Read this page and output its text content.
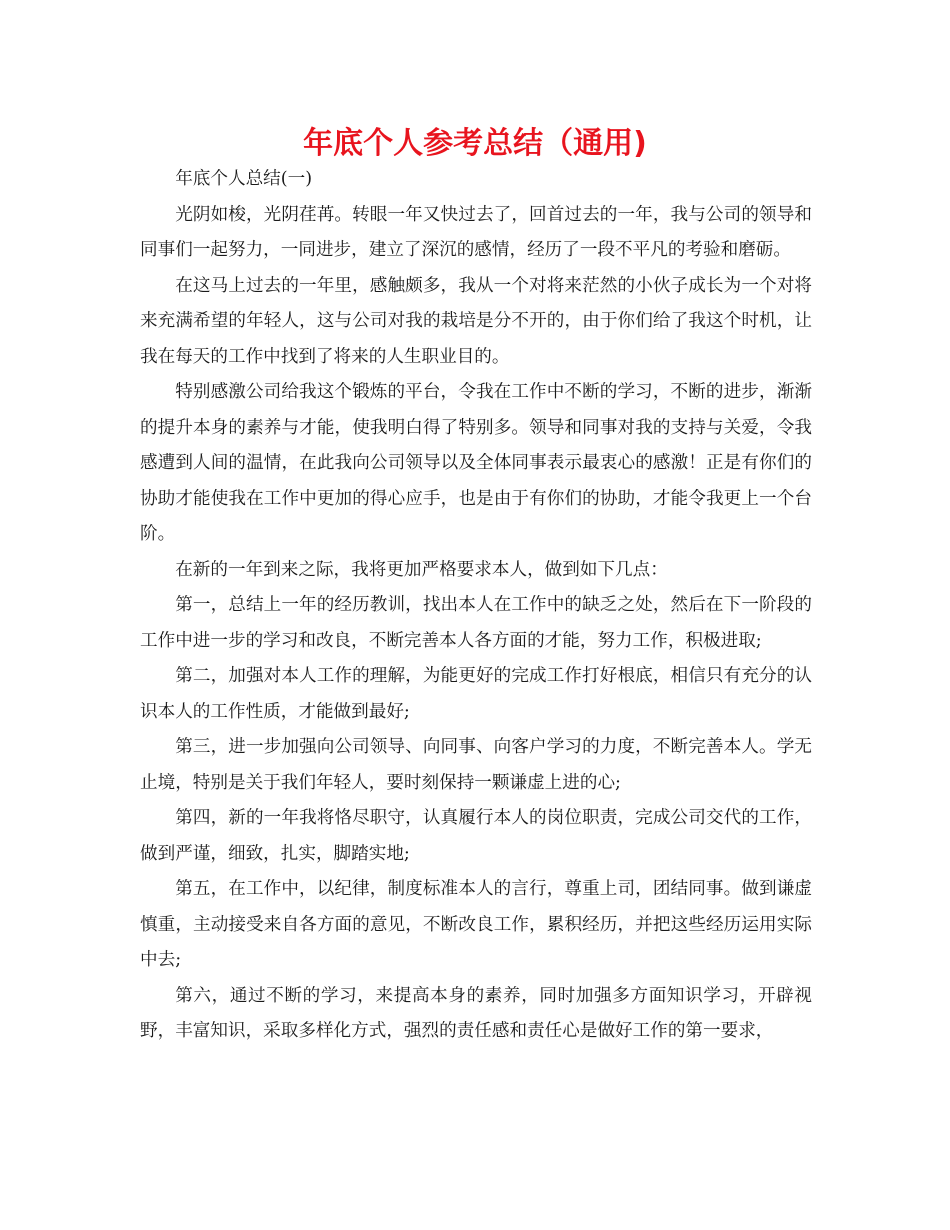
年底个人参考总结（通用)

年底个人总结(一)

光阴如梭，光阴荏苒。转眼一年又快过去了，回首过去的一年，我与公司的领导和同事们一起努力，一同进步，建立了深沉的感情，经历了一段不平凡的考验和磨砺。

在这马上过去的一年里，感触颇多，我从一个对将来茫然的小伙子成长为一个对将来充满希望的年轻人，这与公司对我的栽培是分不开的，由于你们给了我这个时机，让我在每天的工作中找到了将来的人生职业目的。

特别感激公司给我这个锻炼的平台，令我在工作中不断的学习，不断的进步，渐渐的提升本身的素养与才能，使我明白得了特别多。领导和同事对我的支持与关爱，令我感遭到人间的温情，在此我向公司领导以及全体同事表示最衷心的感激！正是有你们的协助才能使我在工作中更加的得心应手，也是由于有你们的协助，才能令我更上一个台阶。

在新的一年到来之际，我将更加严格要求本人，做到如下几点：

第一，总结上一年的经历教训，找出本人在工作中的缺乏之处，然后在下一阶段的工作中进一步的学习和改良，不断完善本人各方面的才能，努力工作，积极进取;

第二，加强对本人工作的理解，为能更好的完成工作打好根底，相信只有充分的认识本人的工作性质，才能做到最好;

第三，进一步加强向公司领导、向同事、向客户学习的力度，不断完善本人。学无止境，特别是关于我们年轻人，要时刻保持一颗谦虚上进的心;

第四，新的一年我将恪尽职守，认真履行本人的岗位职责，完成公司交代的工作，做到严谨，细致，扎实，脚踏实地;

第五，在工作中，以纪律，制度标准本人的言行，尊重上司，团结同事。做到谦虚慎重，主动接受来自各方面的意见，不断改良工作，累积经历，并把这些经历运用实际中去;

第六，通过不断的学习，来提高本身的素养，同时加强多方面知识学习，开辟视野，丰富知识，采取多样化方式，强烈的责任感和责任心是做好工作的第一要求，
